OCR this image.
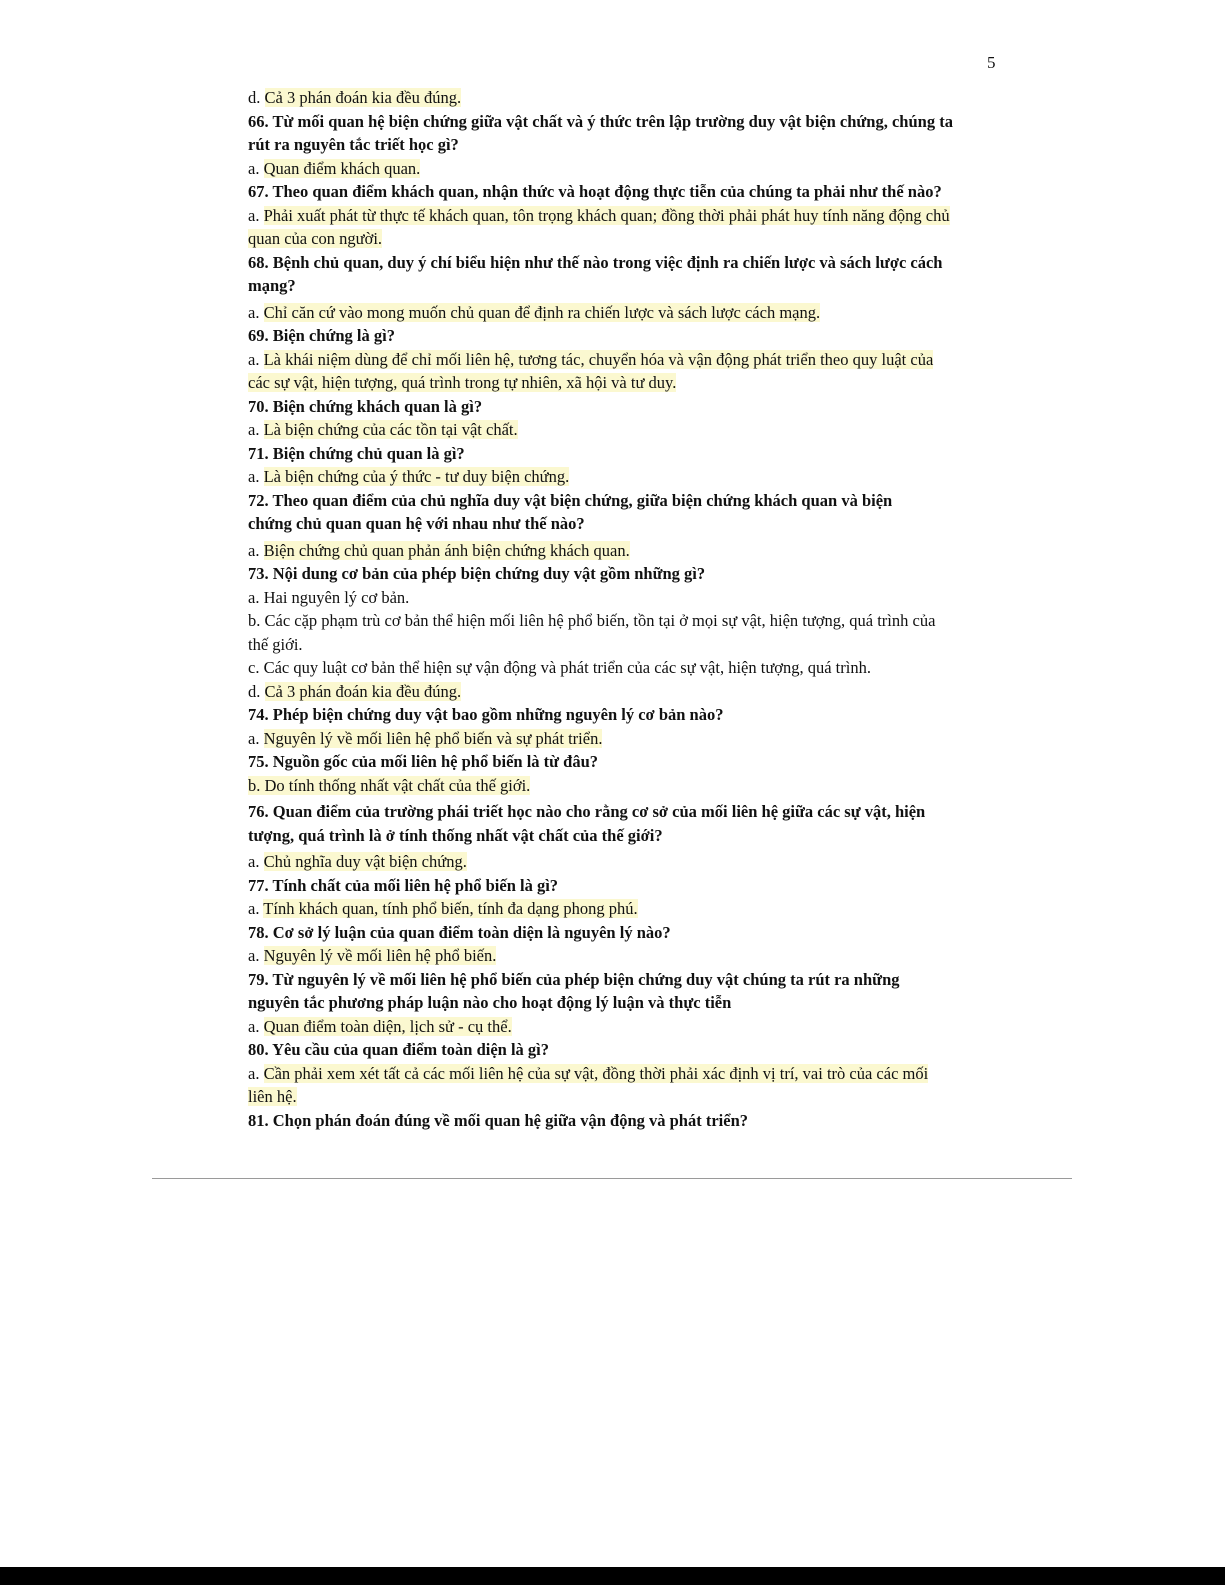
5
d. Cả 3 phán đoán kia đều đúng.
66. Từ mối quan hệ biện chứng giữa vật chất và ý thức trên lập trường duy vật biện chứng, chúng ta
rút ra nguyên tắc triết học gì?
a. Quan điểm khách quan.
67. Theo quan điểm khách quan, nhận thức và hoạt động thực tiễn của chúng ta phải như thế nào?
a. Phải xuất phát từ thực tế khách quan, tôn trọng khách quan; đồng thời phải phát huy tính năng động chủ
quan của con người.
68. Bệnh chủ quan, duy ý chí biểu hiện như thế nào trong việc định ra chiến lược và sách lược cách
mạng?
a. Chỉ căn cứ vào mong muốn chủ quan để định ra chiến lược và sách lược cách mạng.
69. Biện chứng là gì?
a. Là khái niệm dùng để chỉ mối liên hệ, tương tác, chuyển hóa và vận động phát triển theo quy luật của
các sự vật, hiện tượng, quá trình trong tự nhiên, xã hội và tư duy.
70. Biện chứng khách quan là gì?
a. Là biện chứng của các tồn tại vật chất.
71. Biện chứng chủ quan là gì?
a. Là biện chứng của ý thức - tư duy biện chứng.
72. Theo quan điểm của chủ nghĩa duy vật biện chứng, giữa biện chứng khách quan và biện
chứng chủ quan quan hệ với nhau như thế nào?
a. Biện chứng chủ quan phản ánh biện chứng khách quan.
73. Nội dung cơ bản của phép biện chứng duy vật gồm những gì?
a. Hai nguyên lý cơ bản.
b. Các cặp phạm trù cơ bản thể hiện mối liên hệ phổ biến, tồn tại ở mọi sự vật, hiện tượng, quá trình của
thế giới.
c. Các quy luật cơ bản thể hiện sự vận động và phát triển của các sự vật, hiện tượng, quá trình.
d. Cả 3 phán đoán kia đều đúng.
74. Phép biện chứng duy vật bao gồm những nguyên lý cơ bản nào?
a. Nguyên lý về mối liên hệ phổ biến và sự phát triển.
75. Nguồn gốc của mối liên hệ phổ biến là từ đâu?
b. Do tính thống nhất vật chất của thế giới.
76. Quan điểm của trường phái triết học nào cho rằng cơ sở của mối liên hệ giữa các sự vật, hiện
tượng, quá trình là ở tính thống nhất vật chất của thế giới?
a. Chủ nghĩa duy vật biện chứng.
77. Tính chất của mối liên hệ phổ biến là gì?
a. Tính khách quan, tính phổ biến, tính đa dạng phong phú.
78. Cơ sở lý luận của quan điểm toàn diện là nguyên lý nào?
a. Nguyên lý về mối liên hệ phổ biến.
79. Từ nguyên lý về mối liên hệ phổ biến của phép biện chứng duy vật chúng ta rút ra những
nguyên tắc phương pháp luận nào cho hoạt động lý luận và thực tiễn
a. Quan điểm toàn diện, lịch sử - cụ thể.
80. Yêu cầu của quan điểm toàn diện là gì?
a. Cần phải xem xét tất cả các mối liên hệ của sự vật, đồng thời phải xác định vị trí, vai trò của các mối
liên hệ.
81. Chọn phán đoán đúng về mối quan hệ giữa vận động và phát triển?
